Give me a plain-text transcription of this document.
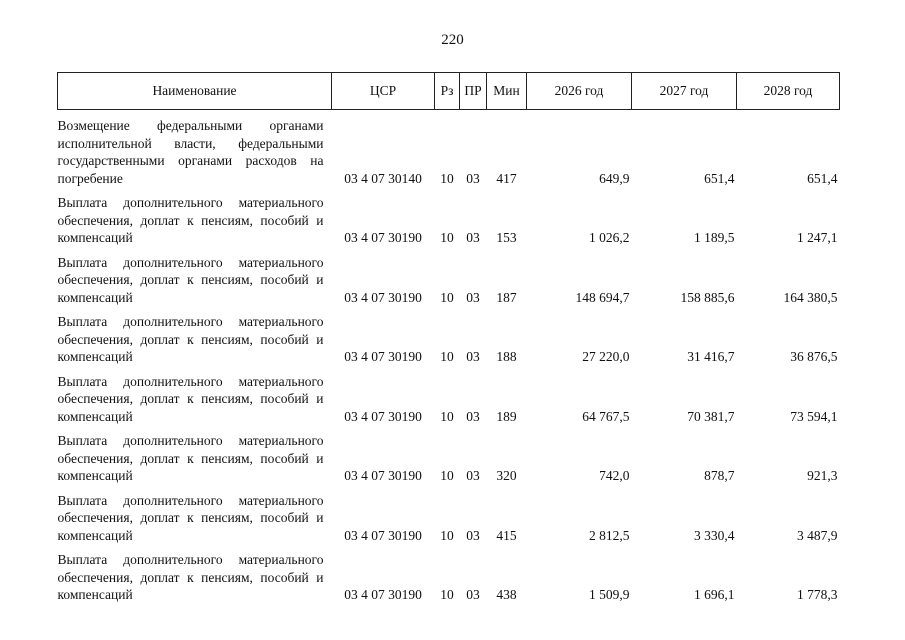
220
Наименование	ЦСР	Рз	ПР	Мин	2026 год	2027 год	2028 год
Возмещение федеральными органами исполнительной власти, федеральными государственными органами расходов на погребение	03 4 07 30140	10	03	417	649,9	651,4	651,4
Выплата дополнительного материального обеспечения, доплат к пенсиям, пособий и компенсаций	03 4 07 30190	10	03	153	1 026,2	1 189,5	1 247,1
Выплата дополнительного материального обеспечения, доплат к пенсиям, пособий и компенсаций	03 4 07 30190	10	03	187	148 694,7	158 885,6	164 380,5
Выплата дополнительного материального обеспечения, доплат к пенсиям, пособий и компенсаций	03 4 07 30190	10	03	188	27 220,0	31 416,7	36 876,5
Выплата дополнительного материального обеспечения, доплат к пенсиям, пособий и компенсаций	03 4 07 30190	10	03	189	64 767,5	70 381,7	73 594,1
Выплата дополнительного материального обеспечения, доплат к пенсиям, пособий и компенсаций	03 4 07 30190	10	03	320	742,0	878,7	921,3
Выплата дополнительного материального обеспечения, доплат к пенсиям, пособий и компенсаций	03 4 07 30190	10	03	415	2 812,5	3 330,4	3 487,9
Выплата дополнительного материального обеспечения, доплат к пенсиям, пособий и компенсаций	03 4 07 30190	10	03	438	1 509,9	1 696,1	1 778,3
